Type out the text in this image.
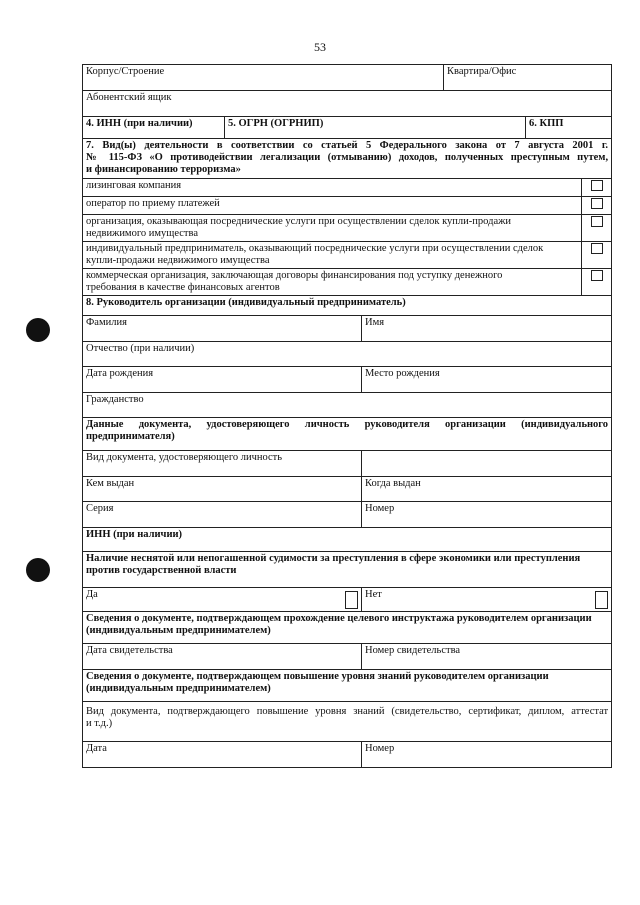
53
Корпус/Строение			Квартира/Офис		
Абонентский ящик					
4. ИНН (при наличии)	5. ОГРН (ОГРНИП)			6. КПП	

7. Вид(ы) деятельности в соответствии со статьей 5 Федерального закона от 7 августа 2001 г.
№ 115-ФЗ «О противодействии легализации (отмыванию) доходов, полученных преступным путем,
и финансированию терроризма»					

лизинговая компания					
оператор по приему платежей					

организация, оказывающая посреднические услуги при осуществлении сделок купли-продажи
недвижимого имущества					

индивидуальный предприниматель, оказывающий посреднические услуги при осуществлении сделок
купли-продажи недвижимого имущества					

коммерческая организация, заключающая договоры финансирования под уступку денежного
требования в качестве финансовых агентов					

8. Руководитель организации (индивидуальный предприниматель)					
Фамилия		Имя			
Отчество (при наличии)					
Дата рождения		Место рождения			
Гражданство					

Данные документа, удостоверяющего личность руководителя организации (индивидуального
предпринимателя)					

Вид документа, удостоверяющего личность					
Кем выдан		Когда выдан			
Серия		Номер			
ИНН (при наличии)					

Наличие неснятой или непогашенной судимости за преступления в сфере экономики или преступления
против государственной власти					

Да		Нет			

Сведения о документе, подтверждающем прохождение целевого инструктажа руководителем организации
(индивидуальным предпринимателем)					

Дата свидетельства		Номер свидетельства			

Сведения о документе, подтверждающем повышение уровня знаний руководителем организации
(индивидуальным предпринимателем)					

Вид документа, подтверждающего повышение уровня знаний (свидетельство, сертификат, диплом, аттестат
и т.д.)					

Дата		Номер			
